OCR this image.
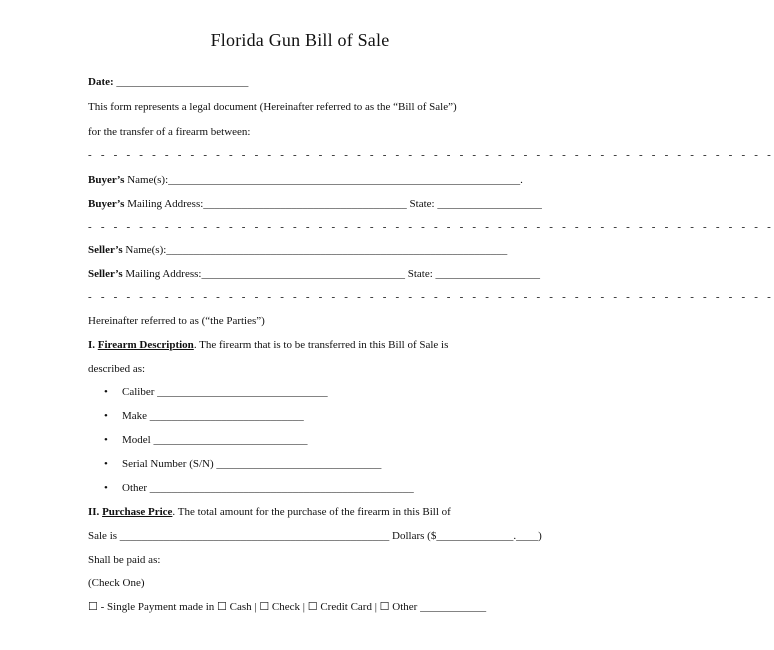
Florida Gun Bill of Sale
Date: ________________________
This form represents a legal document (Hereinafter referred to as the “Bill of Sale”)
for the transfer of a firearm between:
- - - - - - - - - - - - - - - - - - - - - - - - - - - - - - - - - - - - - - - - - - - - - - - - - - - - - -
Buyer’s Name(s):________________________________________________________________.
Buyer’s Mailing Address:_____________________________________ State: ___________________
- - - - - - - - - - - - - - - - - - - - - - - - - - - - - - - - - - - - - - - - - - - - - - - - - - - - - -
Seller’s Name(s):______________________________________________________________
Seller’s Mailing Address:_____________________________________ State: ___________________
- - - - - - - - - - - - - - - - - - - - - - - - - - - - - - - - - - - - - - - - - - - - - - - - - - - - - -
Hereinafter referred to as (“the Parties”)
I. Firearm Description. The firearm that is to be transferred in this Bill of Sale is
described as:
• Caliber _______________________________
• Make ____________________________
• Model ____________________________
• Serial Number (S/N) ______________________________
• Other ________________________________________________
II. Purchase Price. The total amount for the purchase of the firearm in this Bill of
Sale is _________________________________________________ Dollars ($______________.____)
Shall be paid as:
(Check One)
☐ - Single Payment made in ☐ Cash | ☐ Check | ☐ Credit Card | ☐ Other ____________
